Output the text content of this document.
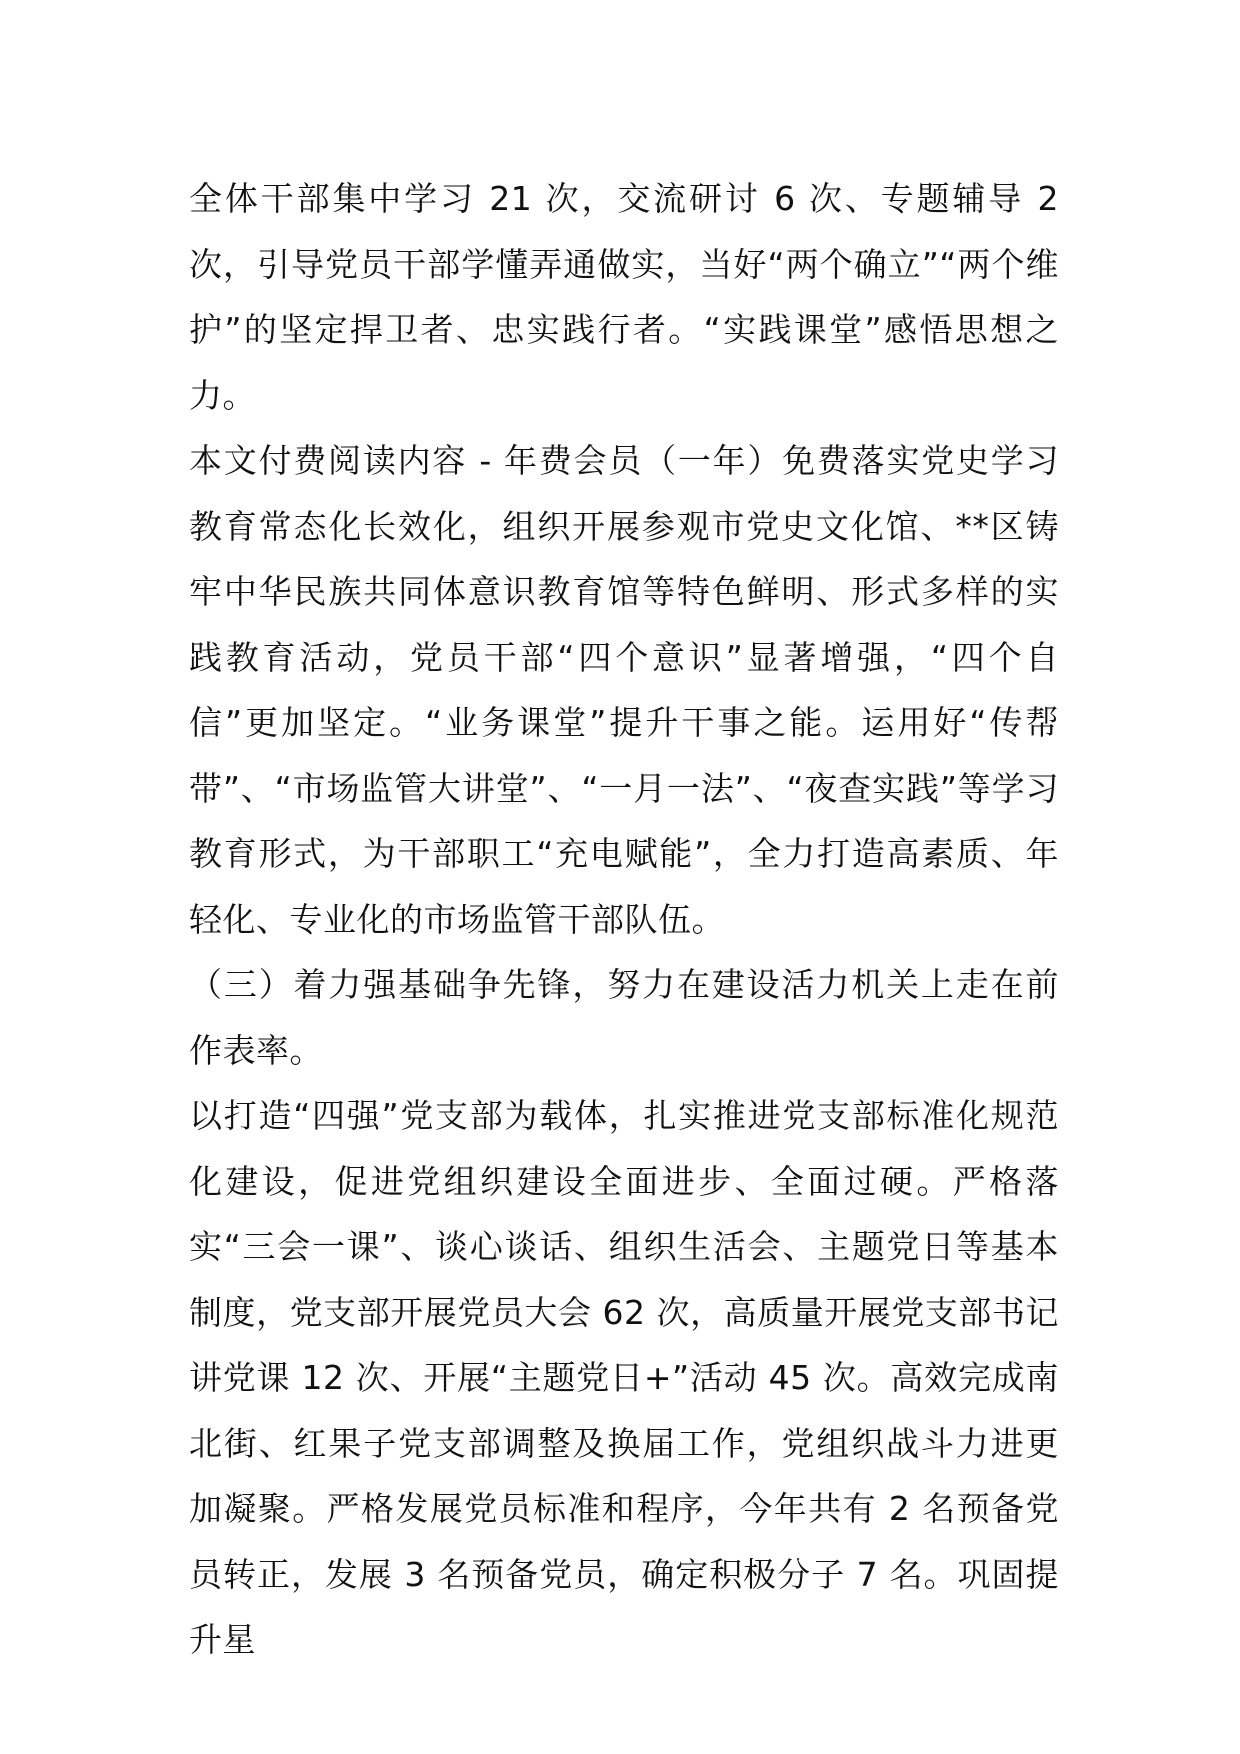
全体干部集中学习 21 次，交流研讨 6 次、专题辅导 2 次，引导党员干部学懂弄通做实，当好“两个确立”“两个维护”的坚定捍卫者、忠实践行者。“实践课堂”感悟思想之力。

本文付费阅读内容 - 年费会员（一年）免费落实党史学习教育常态化长效化，组织开展参观市党史文化馆、**区铸牢中华民族共同体意识教育馆等特色鲜明、形式多样的实践教育活动，党员干部“四个意识”显著增强，“四个自信”更加坚定。“业务课堂”提升干事之能。运用好“传帮带”、“市场监管大讲堂”、“一月一法”、“夜查实践”等学习教育形式，为干部职工“充电赋能”，全力打造高素质、年轻化、专业化的市场监管干部队伍。

（三）着力强基础争先锋，努力在建设活力机关上走在前作表率。

以打造“四强”党支部为载体，扎实推进党支部标准化规范化建设，促进党组织建设全面进步、全面过硬。严格落实“三会一课”、谈心谈话、组织生活会、主题党日等基本制度，党支部开展党员大会 62 次，高质量开展党支部书记讲党课 12 次、开展“主题党日+”活动 45 次。高效完成南北街、红果子党支部调整及换届工作，党组织战斗力进更加凝聚。严格发展党员标准和程序，今年共有 2 名预备党员转正，发展 3 名预备党员，确定积极分子 7 名。巩固提升星
